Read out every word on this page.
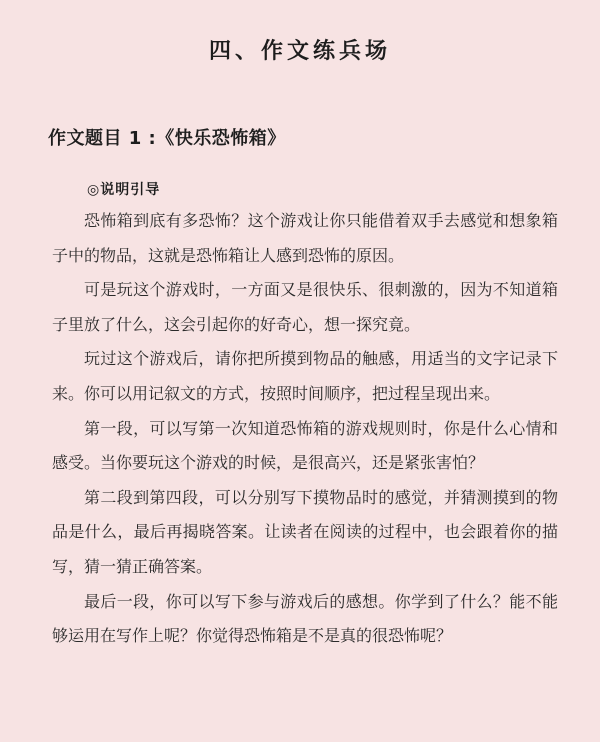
四、作文练兵场
作文题目 1 :《快乐恐怖箱》
◎说明引导

恐怖箱到底有多恐怖？这个游戏让你只能借着双手去感觉和想象箱子中的物品，这就是恐怖箱让人感到恐怖的原因。

可是玩这个游戏时，一方面又是很快乐、很刺激的，因为不知道箱子里放了什么，这会引起你的好奇心，想一探究竟。

玩过这个游戏后，请你把所摸到物品的触感，用适当的文字记录下来。你可以用记叙文的方式，按照时间顺序，把过程呈现出来。

第一段，可以写第一次知道恐怖箱的游戏规则时，你是什么心情和感受。当你要玩这个游戏的时候，是很高兴，还是紧张害怕？

第二段到第四段，可以分别写下摸物品时的感觉，并猜测摸到的物品是什么，最后再揭晓答案。让读者在阅读的过程中，也会跟着你的描写，猜一猜正确答案。

最后一段，你可以写下参与游戏后的感想。你学到了什么？能不能够运用在写作上呢？你觉得恐怖箱是不是真的很恐怖呢？
